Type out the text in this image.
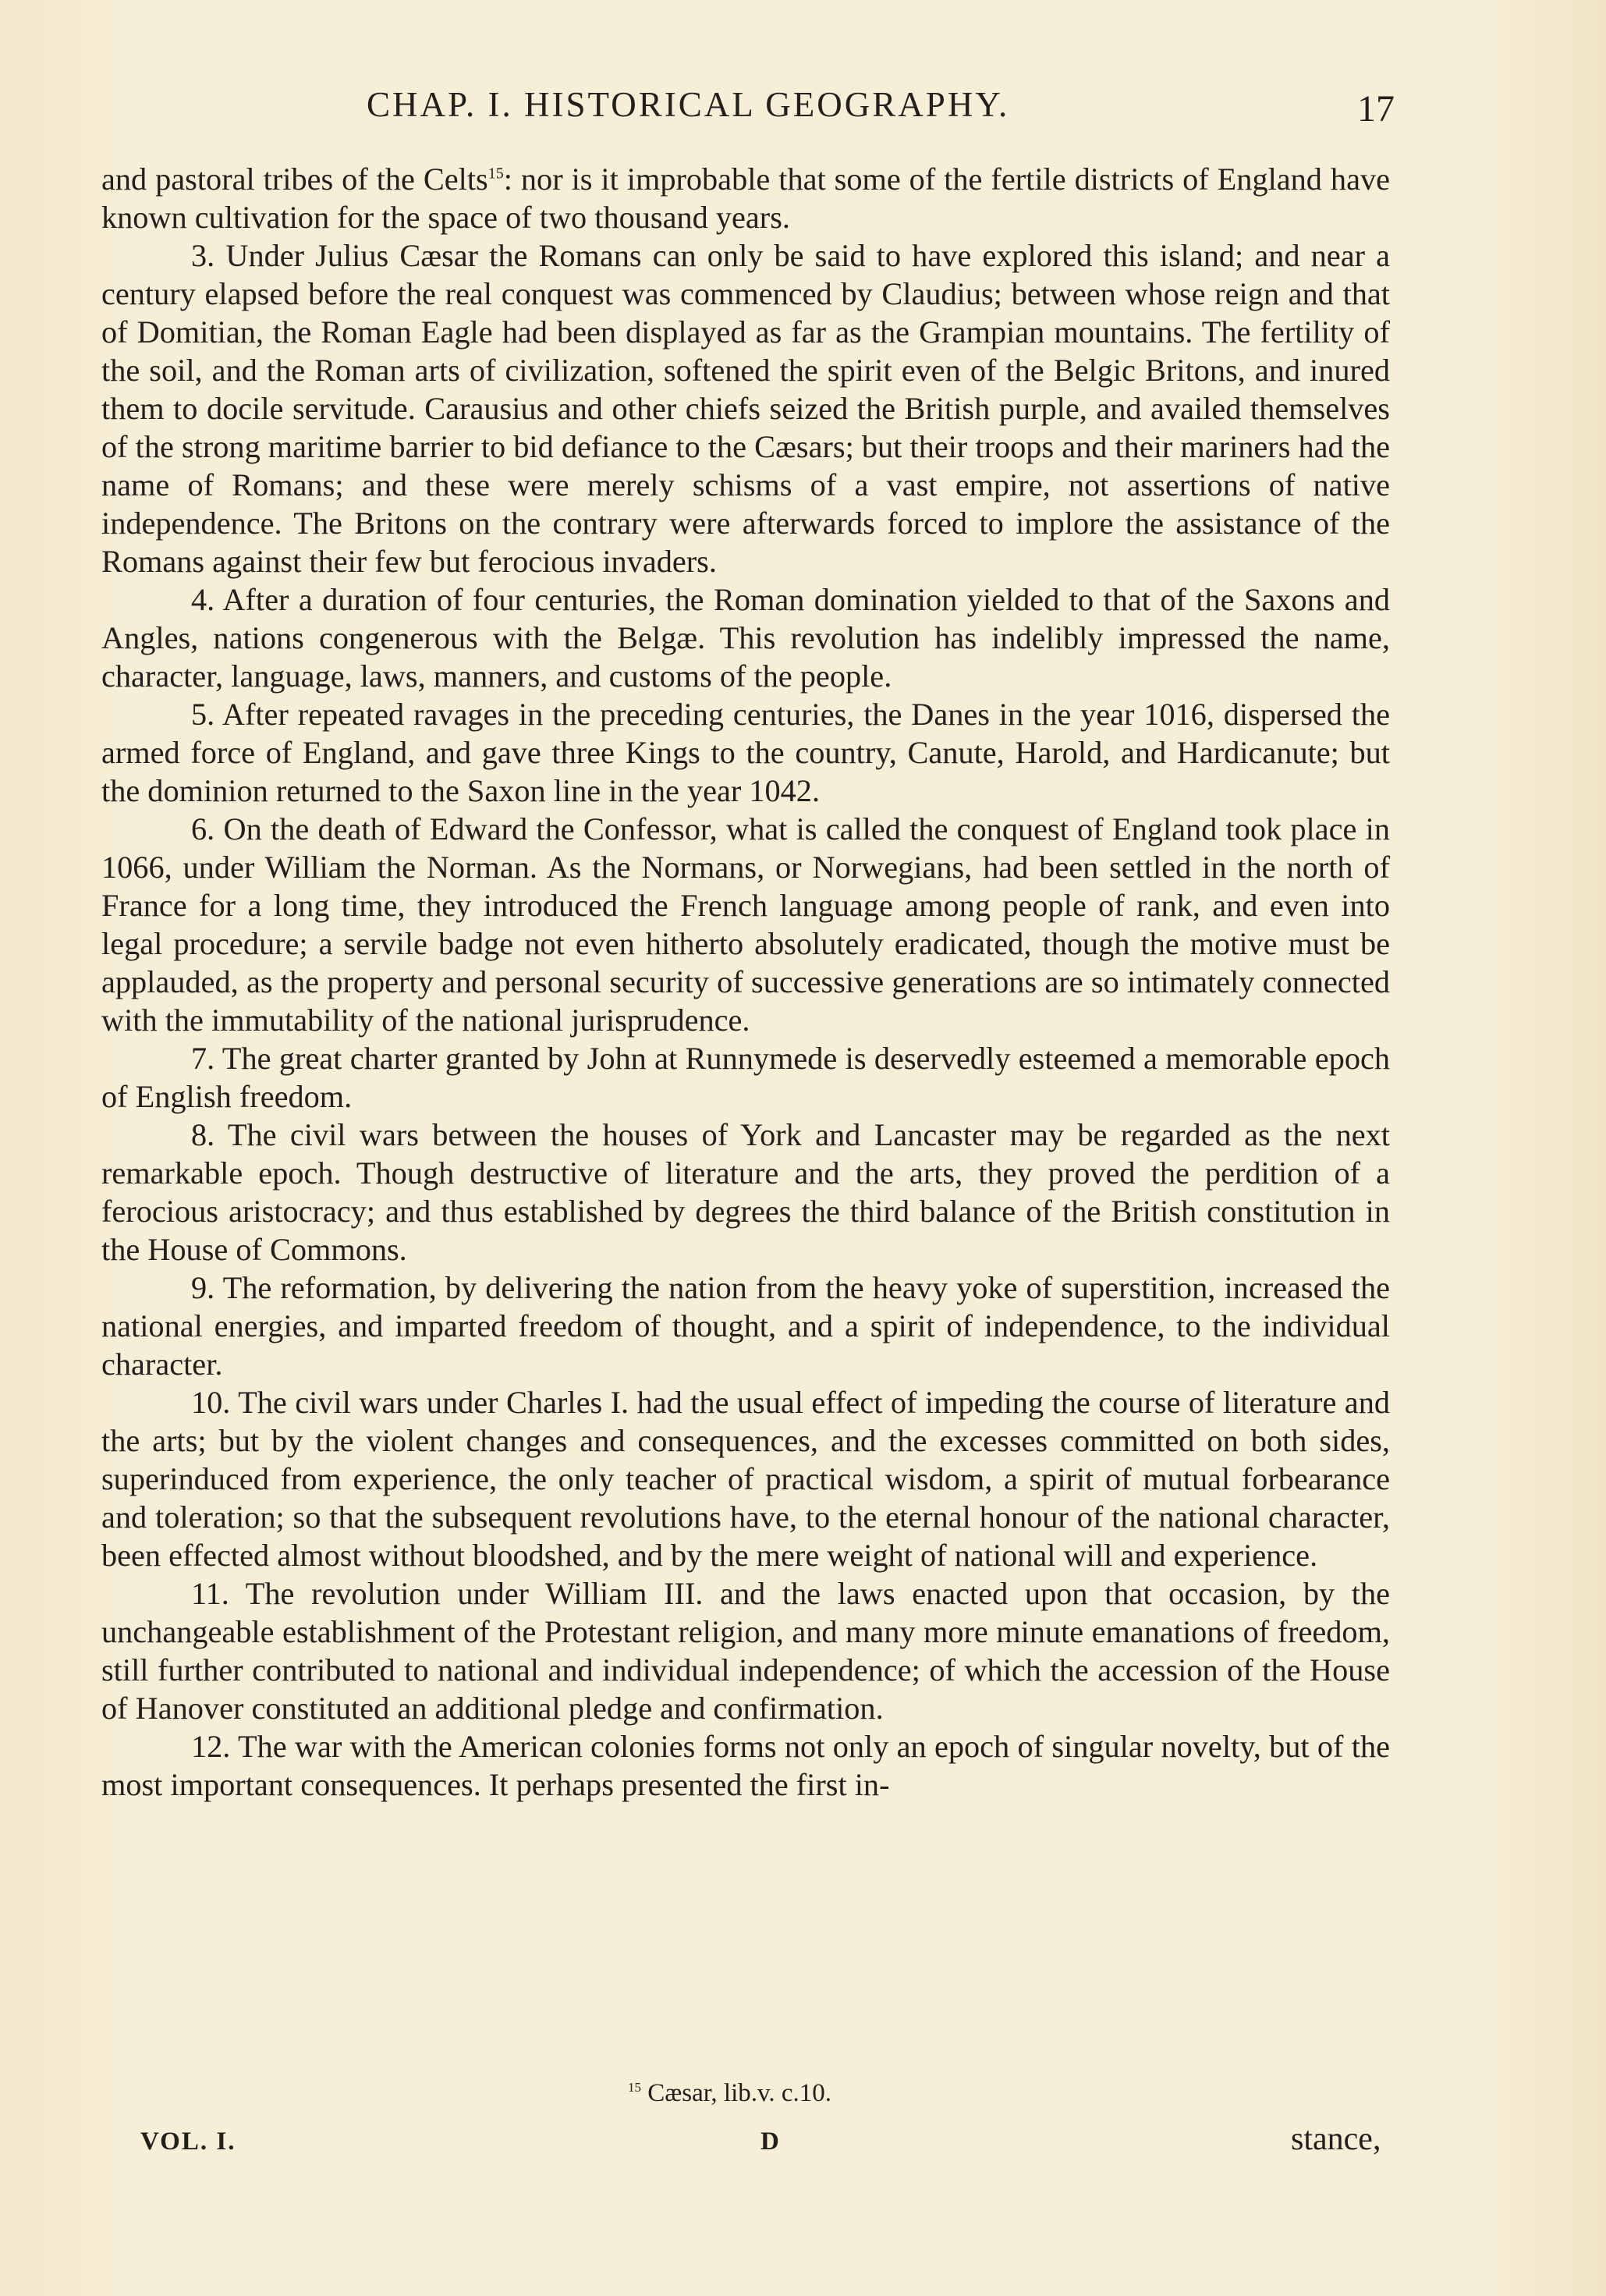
CHAP. I. HISTORICAL GEOGRAPHY.	17

and pastoral tribes of the Celts$^{15}$: nor is it improbable that some of the fertile districts of England have known cultivation for the space of two thousand years.

3. Under Julius Cæsar the Romans can only be said to have explored this island; and near a century elapsed before the real conquest was commenced by Claudius; between whose reign and that of Domitian, the Roman Eagle had been displayed as far as the Grampian mountains. The fertility of the soil, and the Roman arts of civilization, softened the spirit even of the Belgic Britons, and inured them to docile servitude. Carausius and other chiefs seized the British purple, and availed themselves of the strong maritime barrier to bid defiance to the Cæsars; but their troops and their mariners had the name of Romans; and these were merely schisms of a vast empire, not assertions of native independence. The Britons on the contrary were afterwards forced to implore the assistance of the Romans against their few but ferocious invaders.

4. After a duration of four centuries, the Roman domination yielded to that of the Saxons and Angles, nations congenerous with the Belgæ. This revolution has indelibly impressed the name, character, language, laws, manners, and customs of the people.

5. After repeated ravages in the preceding centuries, the Danes in the year 1016, dispersed the armed force of England, and gave three Kings to the country, Canute, Harold, and Hardicanute; but the dominion returned to the Saxon line in the year 1042.

6. On the death of Edward the Confessor, what is called the conquest of England took place in 1066, under William the Norman. As the Normans, or Norwegians, had been settled in the north of France for a long time, they introduced the French language among people of rank, and even into legal procedure; a servile badge not even hitherto absolutely eradicated, though the motive must be applauded, as the property and personal security of successive generations are so intimately connected with the immutability of the national jurisprudence.

7. The great charter granted by John at Runnymede is deservedly esteemed a memorable epoch of English freedom.

8. The civil wars between the houses of York and Lancaster may be regarded as the next remarkable epoch. Though destructive of literature and the arts, they proved the perdition of a ferocious aristocracy; and thus established by degrees the third balance of the British constitution in the House of Commons.

9. The reformation, by delivering the nation from the heavy yoke of superstition, increased the national energies, and imparted freedom of thought, and a spirit of independence, to the individual character.

10. The civil wars under Charles I. had the usual effect of impeding the course of literature and the arts; but by the violent changes and consequences, and the excesses committed on both sides, superinduced from experience, the only teacher of practical wisdom, a spirit of mutual forbearance and toleration; so that the subsequent revolutions have, to the eternal honour of the national character, been effected almost without bloodshed, and by the mere weight of national will and experience.

11. The revolution under William III. and the laws enacted upon that occasion, by the unchangeable establishment of the Protestant religion, and many more minute emanations of freedom, still further contributed to national and individual independence; of which the accession of the House of Hanover constituted an additional pledge and confirmation.

12. The war with the American colonies forms not only an epoch of singular novelty, but of the most important consequences. It perhaps presented the first in-

$^{15}$ Cæsar, lib.v. c.10.
VOL. I.	D	stance,
